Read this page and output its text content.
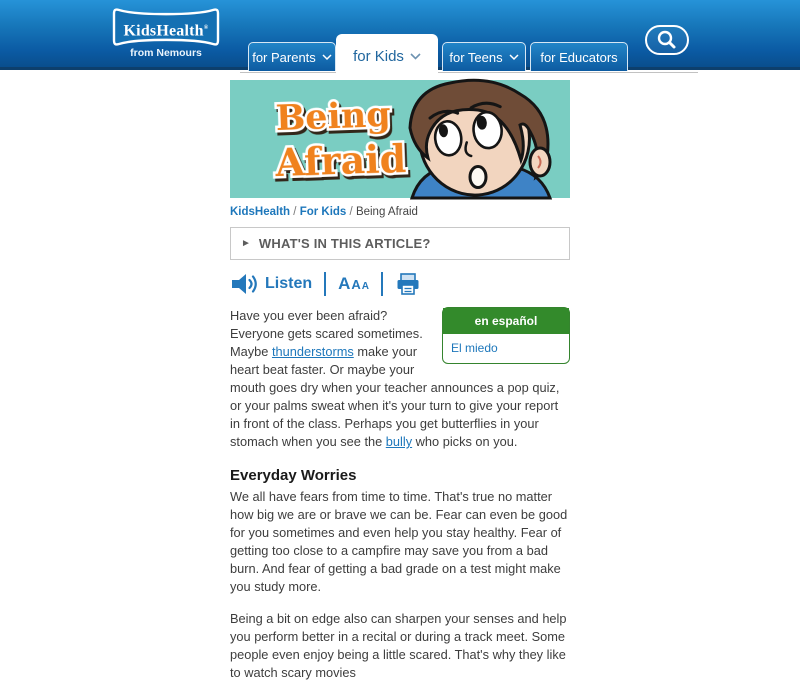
KidsHealth®
from Nemours	for Parents for Kids	for Teens	for Educators
Being
Afraid
KidsHealth / For Kids / Being Afraid
► WHAT'S IN THIS ARTICLE?
Listen A A A
en español
El miedo

Have you ever been afraid? Everyone gets scared sometimes. Maybe thunderstorms make your heart beat faster. Or maybe your mouth goes dry when your teacher announces a pop quiz, or your palms sweat when it's your turn to give your report in front of the class. Perhaps you get butterflies in your stomach when you see the bully who picks on you.

Everyday Worries

We all have fears from time to time. That's true no matter how big we are or brave we can be. Fear can even be good for you sometimes and even help you stay healthy. Fear of getting too close to a campfire may save you from a bad burn. And fear of getting a bad grade on a test might make you study more.

Being a bit on edge also can sharpen your senses and help you perform better in a recital or during a track meet. Some people even enjoy being a little scared. That's why they like to watch scary movies
